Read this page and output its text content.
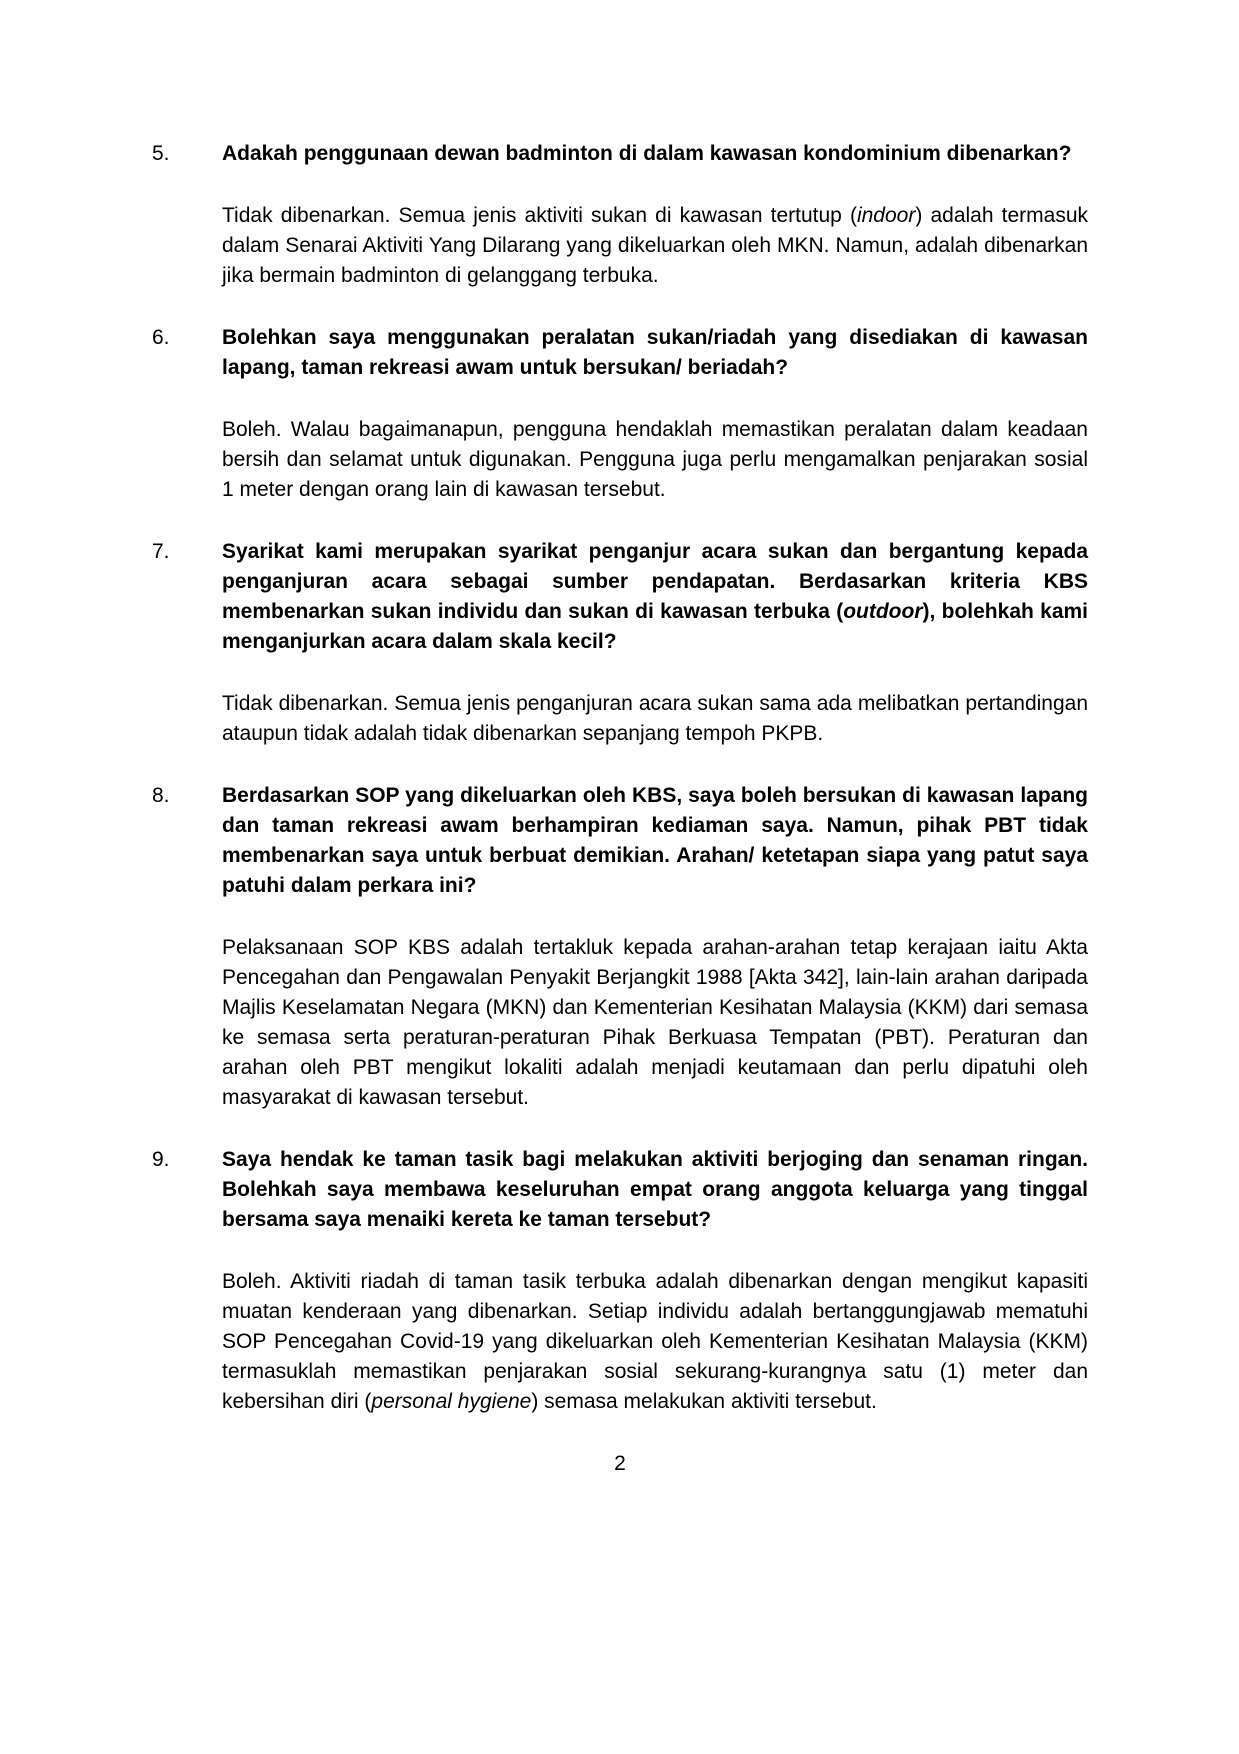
5.	Adakah penggunaan dewan badminton di dalam kawasan kondominium dibenarkan?

Tidak dibenarkan. Semua jenis aktiviti sukan di kawasan tertutup (indoor) adalah termasuk dalam Senarai Aktiviti Yang Dilarang yang dikeluarkan oleh MKN. Namun, adalah dibenarkan jika bermain badminton di gelanggang terbuka.

6.	Bolehkan saya menggunakan peralatan sukan/riadah yang disediakan di kawasan lapang, taman rekreasi awam untuk bersukan/ beriadah?

Boleh. Walau bagaimanapun, pengguna hendaklah memastikan peralatan dalam keadaan bersih dan selamat untuk digunakan. Pengguna juga perlu mengamalkan penjarakan sosial 1 meter dengan orang lain di kawasan tersebut.

7.	Syarikat kami merupakan syarikat penganjur acara sukan dan bergantung kepada penganjuran acara sebagai sumber pendapatan. Berdasarkan kriteria KBS membenarkan sukan individu dan sukan di kawasan terbuka (outdoor), bolehkah kami menganjurkan acara dalam skala kecil?

Tidak dibenarkan. Semua jenis penganjuran acara sukan sama ada melibatkan pertandingan ataupun tidak adalah tidak dibenarkan sepanjang tempoh PKPB.

8.	Berdasarkan SOP yang dikeluarkan oleh KBS, saya boleh bersukan di kawasan lapang dan taman rekreasi awam berhampiran kediaman saya. Namun, pihak PBT tidak membenarkan saya untuk berbuat demikian. Arahan/ ketetapan siapa yang patut saya patuhi dalam perkara ini?

Pelaksanaan SOP KBS adalah tertakluk kepada arahan-arahan tetap kerajaan iaitu Akta Pencegahan dan Pengawalan Penyakit Berjangkit 1988 [Akta 342], lain-lain arahan daripada Majlis Keselamatan Negara (MKN) dan Kementerian Kesihatan Malaysia (KKM) dari semasa ke semasa serta peraturan-peraturan Pihak Berkuasa Tempatan (PBT). Peraturan dan arahan oleh PBT mengikut lokaliti adalah menjadi keutamaan dan perlu dipatuhi oleh masyarakat di kawasan tersebut.

9.	Saya hendak ke taman tasik bagi melakukan aktiviti berjoging dan senaman ringan. Bolehkah saya membawa keseluruhan empat orang anggota keluarga yang tinggal bersama saya menaiki kereta ke taman tersebut?

Boleh. Aktiviti riadah di taman tasik terbuka adalah dibenarkan dengan mengikut kapasiti muatan kenderaan yang dibenarkan. Setiap individu adalah bertanggungjawab mematuhi SOP Pencegahan Covid-19 yang dikeluarkan oleh Kementerian Kesihatan Malaysia (KKM) termasuklah memastikan penjarakan sosial sekurang-kurangnya satu (1) meter dan kebersihan diri (personal hygiene) semasa melakukan aktiviti tersebut.

2
